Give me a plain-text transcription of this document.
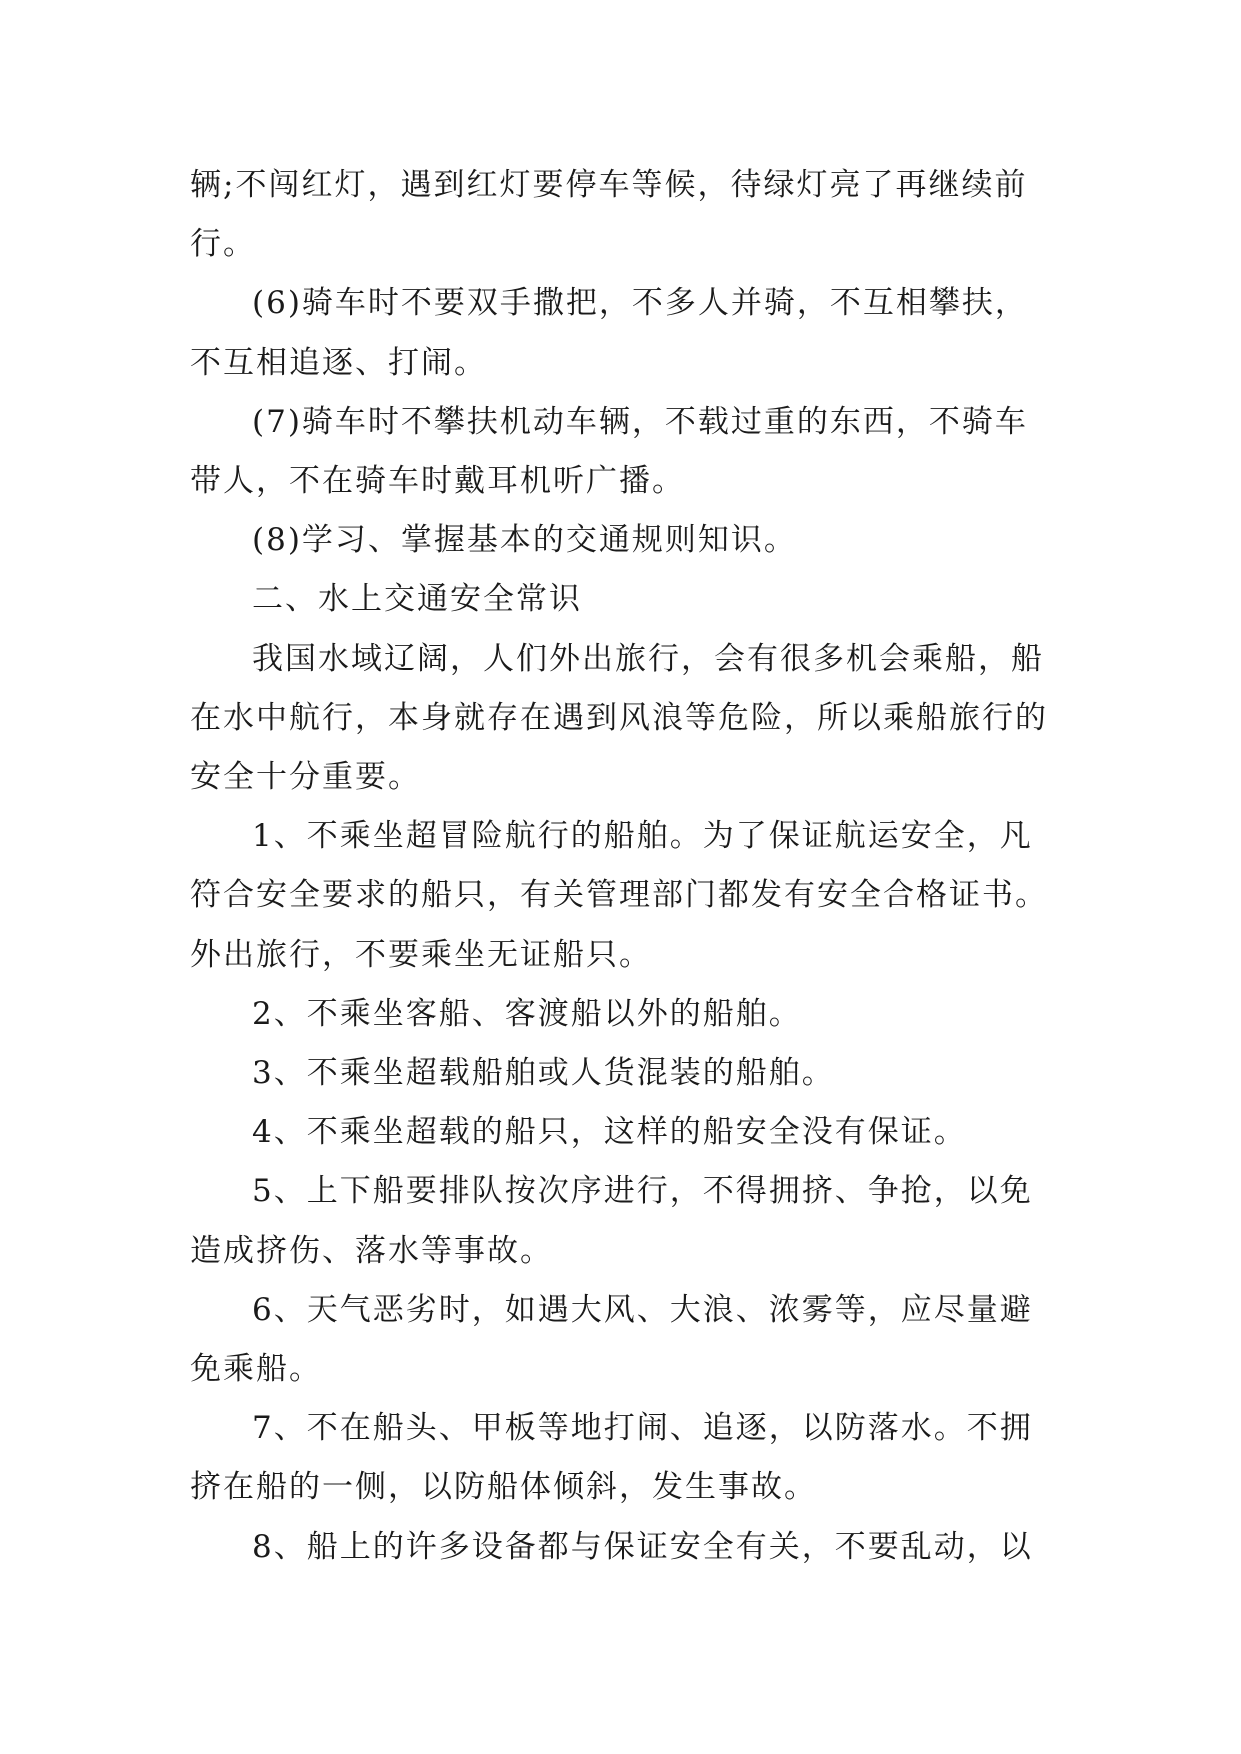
辆;不闯红灯，遇到红灯要停车等候，待绿灯亮了再继续前
行。

(6)骑车时不要双手撒把，不多人并骑，不互相攀扶，
不互相追逐、打闹。

(7)骑车时不攀扶机动车辆，不载过重的东西，不骑车
带人，不在骑车时戴耳机听广播。

(8)学习、掌握基本的交通规则知识。

二、水上交通安全常识

我国水域辽阔，人们外出旅行，会有很多机会乘船，船
在水中航行，本身就存在遇到风浪等危险，所以乘船旅行的
安全十分重要。

1、不乘坐超冒险航行的船舶。为了保证航运安全，凡
符合安全要求的船只，有关管理部门都发有安全合格证书。
外出旅行，不要乘坐无证船只。

2、不乘坐客船、客渡船以外的船舶。

3、不乘坐超载船舶或人货混装的船舶。

4、不乘坐超载的船只，这样的船安全没有保证。

5、上下船要排队按次序进行，不得拥挤、争抢，以免
造成挤伤、落水等事故。

6、天气恶劣时，如遇大风、大浪、浓雾等，应尽量避
免乘船。

7、不在船头、甲板等地打闹、追逐，以防落水。不拥
挤在船的一侧，以防船体倾斜，发生事故。

8、船上的许多设备都与保证安全有关，不要乱动，以
